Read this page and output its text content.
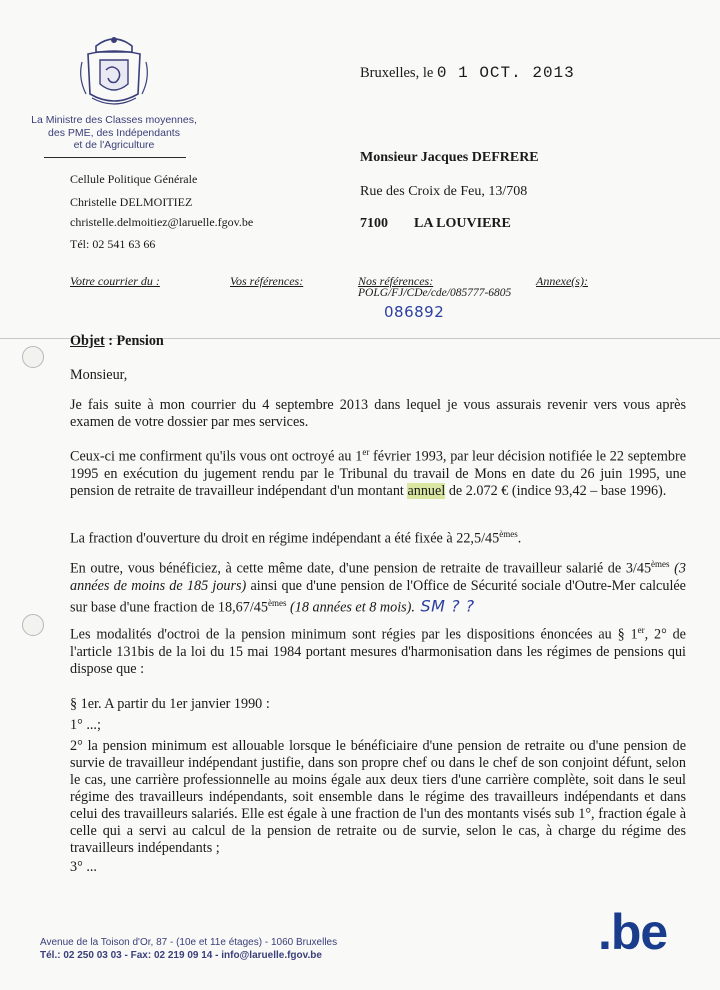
La Ministre des Classes moyennes,
des PME, des Indépendants
et de l'Agriculture
Cellule Politique Générale
Christelle DELMOITIEZ
christelle.delmoitiez@laruelle.fgov.be
Tél: 02 541 63 66
Bruxelles, le 0 1 OCT. 2013
Monsieur Jacques DEFRERE
Rue des Croix de Feu, 13/708
7100 LA LOUVIERE
Votre courrier du :	Vos références:	Nos références:
POLG/FJ/CDe/cde/085777-6805
Annexe(s):
086892
Objet : Pension
Monsieur,

Je fais suite à mon courrier du 4 septembre 2013 dans lequel je vous assurais revenir vers vous après examen de votre dossier par mes services.

Ceux-ci me confirment qu'ils vous ont octroyé au 1er février 1993, par leur décision notifiée le 22 septembre 1995 en exécution du jugement rendu par le Tribunal du travail de Mons en date du 26 juin 1995, une pension de retraite de travailleur indépendant d'un montant annuel de 2.072 € (indice 93,42 – base 1996).

La fraction d'ouverture du droit en régime indépendant a été fixée à 22,5/45èmes.

En outre, vous bénéficiez, à cette même date, d'une pension de retraite de travailleur salarié de 3/45èmes (3 années de moins de 185 jours) ainsi que d'une pension de l'Office de Sécurité sociale d'Outre-Mer calculée sur base d'une fraction de 18,67/45èmes (18 années et 8 mois). SM ? ?

Les modalités d'octroi de la pension minimum sont régies par les dispositions énoncées au § 1er, 2° de l'article 131bis de la loi du 15 mai 1984 portant mesures d'harmonisation dans les régimes de pensions qui dispose que :

§ 1er. A partir du 1er janvier 1990 :
1° ...;

2° la pension minimum est allouable lorsque le bénéficiaire d'une pension de retraite ou d'une pension de survie de travailleur indépendant justifie, dans son propre chef ou dans le chef de son conjoint défunt, selon le cas, une carrière professionnelle au moins égale aux deux tiers d'une carrière complète, soit dans le seul régime des travailleurs indépendants, soit ensemble dans le régime des travailleurs indépendants et dans celui des travailleurs salariés. Elle est égale à une fraction de l'un des montants visés sub 1°, fraction égale à celle qui a servi au calcul de la pension de retraite ou de survie, selon le cas, à charge du régime des travailleurs indépendants ;

3° ...
Avenue de la Toison d'Or, 87 - (10e et 11e étages) - 1060 Bruxelles
Tél.: 02 250 03 03 - Fax: 02 219 09 14 - info@laruelle.fgov.be	.be
